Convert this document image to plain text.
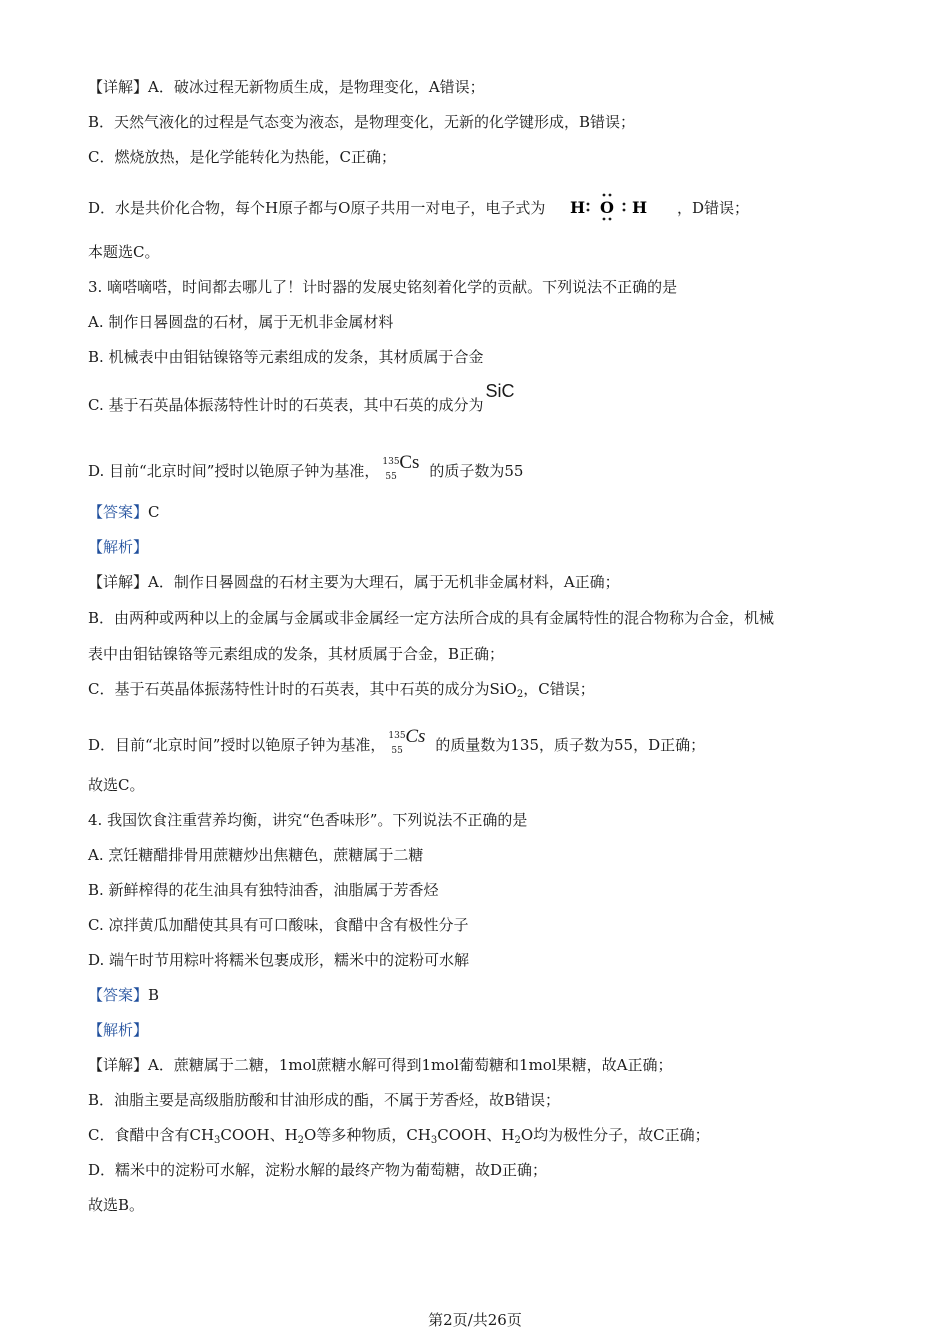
【详解】A．破冰过程无新物质生成，是物理变化，A错误；
B．天然气液化的过程是气态变为液态，是物理变化，无新的化学键形成，B错误；
C．燃烧放热，是化学能转化为热能，C正确；
D．水是共价化合物，每个H原子都与O原子共用一对电子，电子式为 H O H ，D错误；
本题选C。
3. 嘀嗒嘀嗒，时间都去哪儿了！计时器的发展史铭刻着化学的贡献。下列说法不正确的是
A. 制作日晷圆盘的石材，属于无机非金属材料
B. 机械表中由钼钴镍铬等元素组成的发条，其材质属于合金
C. 基于石英晶体振荡特性计时的石英表，其中石英的成分为SiC
D. 目前“北京时间”授时以铯原子钟为基准， 135
55
Cs 的质子数为55
【答案】C
【解析】
【详解】A．制作日晷圆盘的石材主要为大理石，属于无机非金属材料，A正确；
B．由两种或两种以上的金属与金属或非金属经一定方法所合成的具有金属特性的混合物称为合金，机械
表中由钼钴镍铬等元素组成的发条，其材质属于合金，B正确；
C．基于石英晶体振荡特性计时的石英表，其中石英的成分为SiO$_2$，C错误；
D．目前“北京时间”授时以铯原子钟为基准， 135
55
Cs 的质量数为135，质子数为55，D正确；
故选C。
4. 我国饮食注重营养均衡，讲究“色香味形”。下列说法不正确的是
A. 烹饪糖醋排骨用蔗糖炒出焦糖色，蔗糖属于二糖
B. 新鲜榨得的花生油具有独特油香，油脂属于芳香烃
C. 凉拌黄瓜加醋使其具有可口酸味，食醋中含有极性分子
D. 端午时节用粽叶将糯米包裹成形，糯米中的淀粉可水解
【答案】B
【解析】
【详解】A．蔗糖属于二糖，1mol蔗糖水解可得到1mol葡萄糖和1mol果糖，故A正确；
B．油脂主要是高级脂肪酸和甘油形成的酯，不属于芳香烃，故B错误；
C．食醋中含有$CH_3COOH$、$H_2O$等多种物质，$CH_3COOH$、$H_2O$均为极性分子，故C正确；
D．糯米中的淀粉可水解，淀粉水解的最终产物为葡萄糖，故D正确；
故选B。
第2页/共26页
